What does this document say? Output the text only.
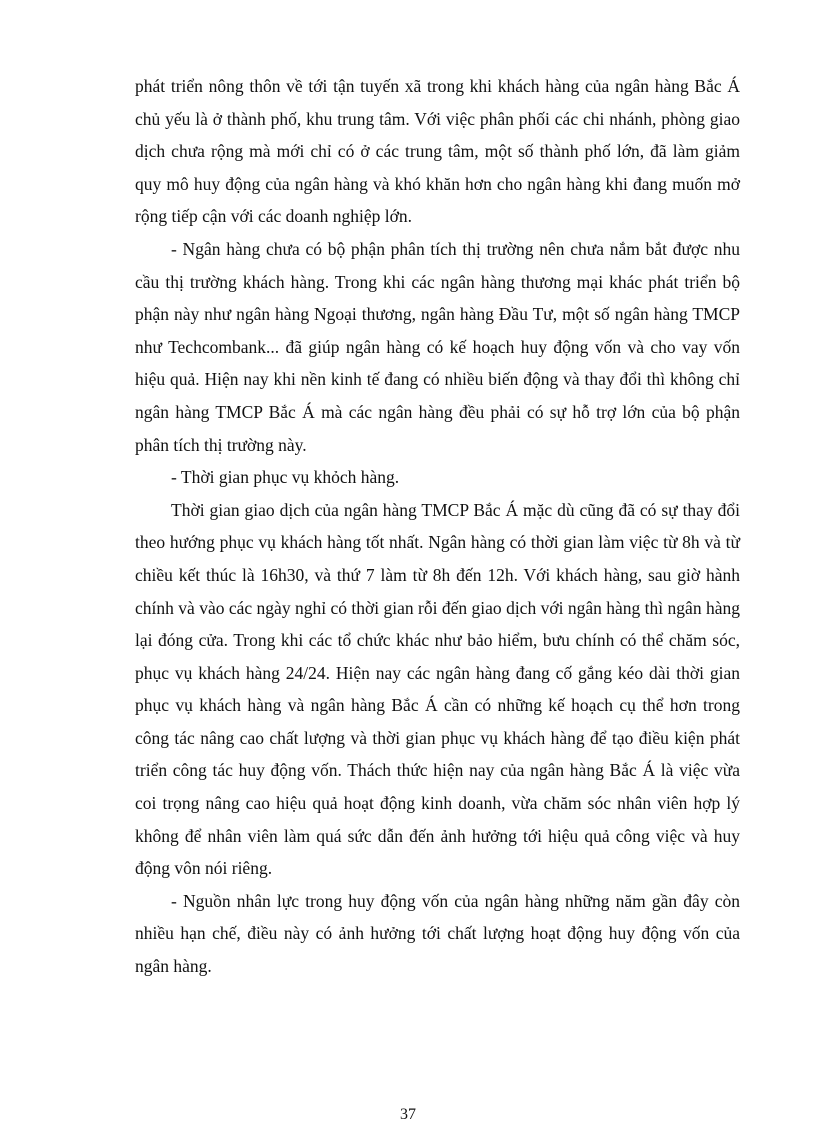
phát triển nông thôn về tới tận tuyến xã trong khi khách hàng của ngân hàng Bắc Á chủ yếu là ở thành phố, khu trung tâm. Với việc phân phối các chi nhánh, phòng giao dịch chưa rộng mà mới chỉ có ở các trung tâm, một số thành phố lớn, đã làm giảm quy mô huy động của ngân hàng và khó khăn hơn cho ngân hàng khi đang muốn mở rộng tiếp cận với các doanh nghiệp lớn.

- Ngân hàng chưa có bộ phận phân tích thị trường nên chưa nắm bắt được nhu cầu thị trường khách hàng. Trong khi các ngân hàng thương mại khác phát triển bộ phận này như ngân hàng Ngoại thương, ngân hàng Đầu Tư, một số ngân hàng TMCP như Techcombank... đã giúp ngân hàng có kế hoạch huy động vốn và cho vay vốn hiệu quả. Hiện nay khi nền kinh tế đang có nhiều biến động và thay đổi thì không chỉ ngân hàng TMCP Bắc Á mà các ngân hàng đều phải có sự hỗ trợ lớn của bộ phận phân tích thị trường này.

- Thời gian phục vụ khỏch hàng.

Thời gian giao dịch của ngân hàng TMCP Bắc Á mặc dù cũng đã có sự thay đổi theo hướng phục vụ khách hàng tốt nhất. Ngân hàng có thời gian làm việc từ 8h và từ chiều kết thúc là 16h30, và thứ 7 làm từ 8h đến 12h. Với khách hàng, sau giờ hành chính và vào các ngày nghỉ có thời gian rỗi đến giao dịch với ngân hàng thì ngân hàng lại đóng cửa. Trong khi các tổ chức khác như bảo hiểm, bưu chính có thể chăm sóc, phục vụ khách hàng 24/24. Hiện nay các ngân hàng đang cố gắng kéo dài thời gian phục vụ khách hàng và ngân hàng Bắc Á cần có những kế hoạch cụ thể hơn trong công tác nâng cao chất lượng và thời gian phục vụ khách hàng để tạo điều kiện phát triển công tác huy động vốn. Thách thức hiện nay của ngân hàng Bắc Á là việc vừa coi trọng nâng cao hiệu quả hoạt động kinh doanh, vừa chăm sóc nhân viên hợp lý không để nhân viên làm quá sức dẫn đến ảnh hưởng tới hiệu quả công việc và huy động vôn nói riêng.

- Nguồn nhân lực trong huy động vốn của ngân hàng những năm gần đây còn nhiều hạn chế, điều này có ảnh hưởng tới chất lượng hoạt động huy động vốn của ngân hàng.

37
